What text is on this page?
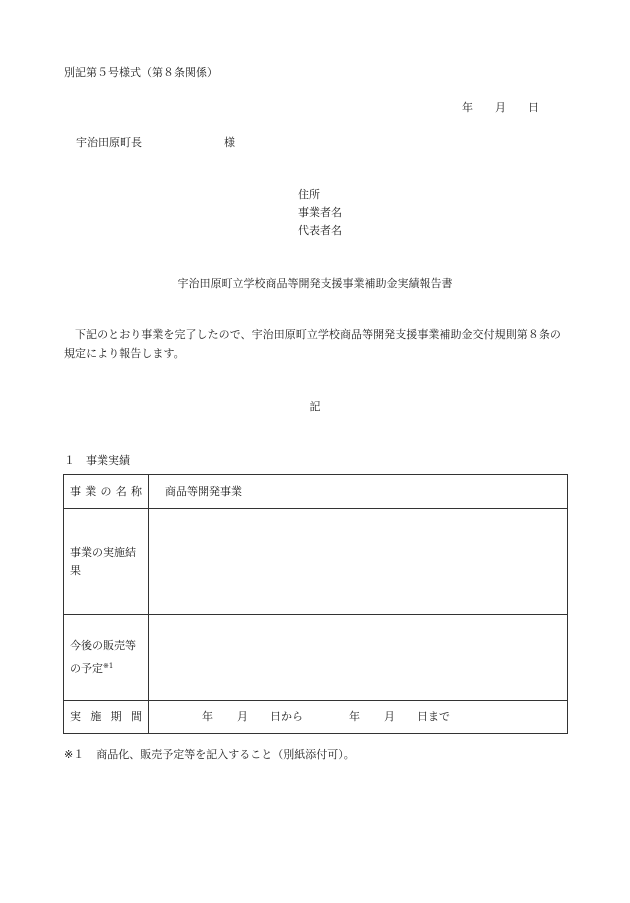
別記第５号様式（第８条関係）
年 月 日
宇治田原町長	様
住所
事業者名
代表者名
宇治田原町立学校商品等開発支援事業補助金実績報告書
下記のとおり事業を完了したので、宇治田原町立学校商品等開発支援事業補助金交付規則第８条の規定により報告します。
記
１ 事業実績
事 業 の 名 称	商品等開発事業
事業の実施結果	
今後の販売等の予定$^{※1}$	

実 施 期 間	年 月 日から 年 月 日まで
※１ 商品化、販売予定等を記入すること（別紙添付可）。
